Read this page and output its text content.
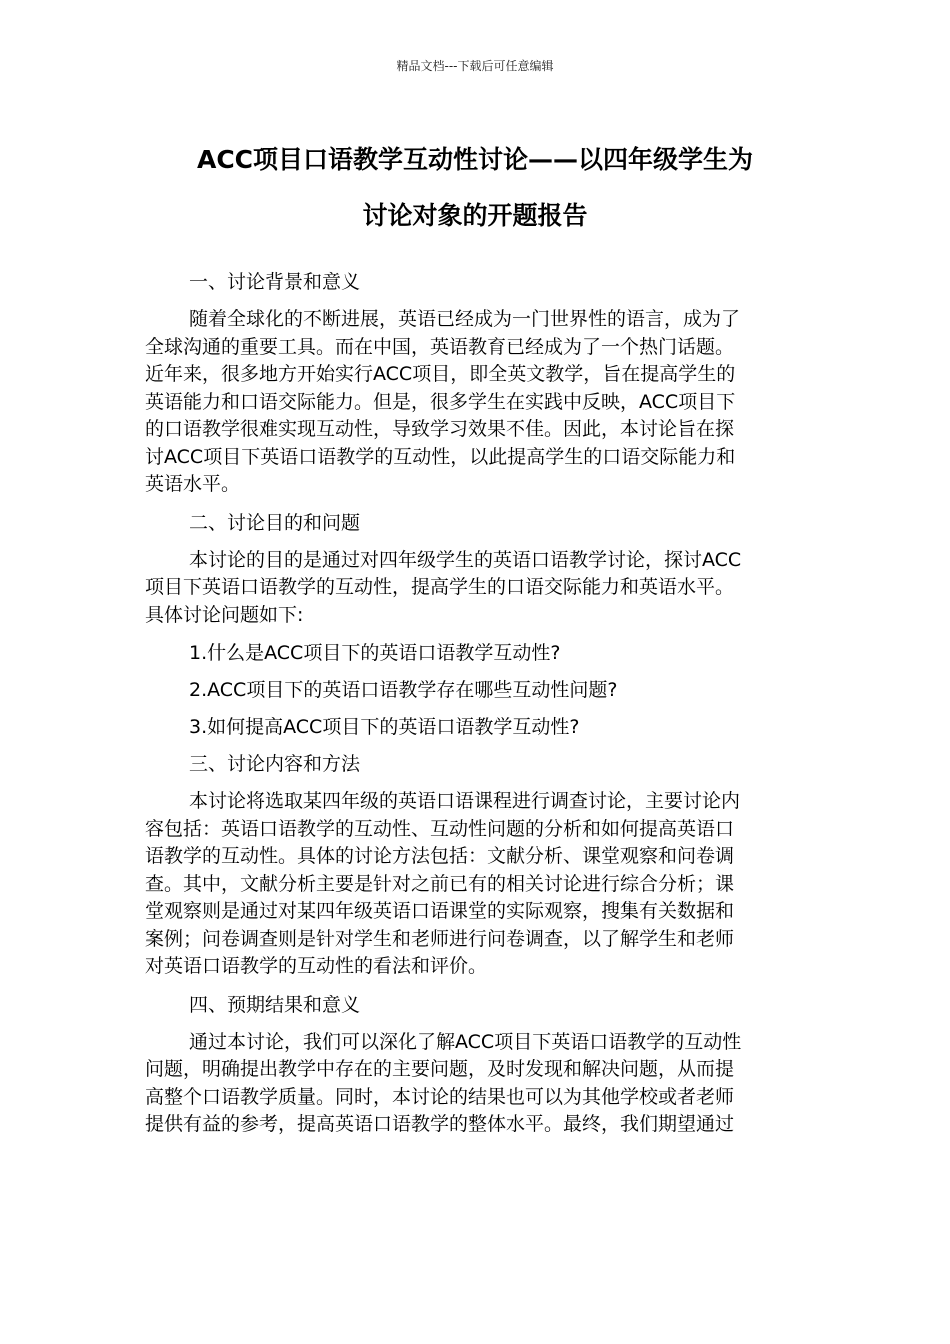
精品文档---下载后可任意编辑
ACC项目口语教学互动性讨论——以四年级学生为
讨论对象的开题报告
一、讨论背景和意义
随着全球化的不断进展，英语已经成为一门世界性的语言，成为了
全球沟通的重要工具。而在中国，英语教育已经成为了一个热门话题。
近年来，很多地方开始实行ACC项目，即全英文教学，旨在提高学生的
英语能力和口语交际能力。但是，很多学生在实践中反映，ACC项目下
的口语教学很难实现互动性，导致学习效果不佳。因此，本讨论旨在探
讨ACC项目下英语口语教学的互动性，以此提高学生的口语交际能力和
英语水平。
二、讨论目的和问题
本讨论的目的是通过对四年级学生的英语口语教学讨论，探讨ACC
项目下英语口语教学的互动性，提高学生的口语交际能力和英语水平。
具体讨论问题如下:
1.什么是ACC项目下的英语口语教学互动性?
2.ACC项目下的英语口语教学存在哪些互动性问题?
3.如何提高ACC项目下的英语口语教学互动性?
三、讨论内容和方法
本讨论将选取某四年级的英语口语课程进行调查讨论，主要讨论内
容包括：英语口语教学的互动性、互动性问题的分析和如何提高英语口
语教学的互动性。具体的讨论方法包括：文献分析、课堂观察和问卷调
查。其中，文献分析主要是针对之前已有的相关讨论进行综合分析；课
堂观察则是通过对某四年级英语口语课堂的实际观察，搜集有关数据和
案例；问卷调查则是针对学生和老师进行问卷调查，以了解学生和老师
对英语口语教学的互动性的看法和评价。
四、预期结果和意义
通过本讨论，我们可以深化了解ACC项目下英语口语教学的互动性
问题，明确提出教学中存在的主要问题，及时发现和解决问题，从而提
高整个口语教学质量。同时，本讨论的结果也可以为其他学校或者老师
提供有益的参考，提高英语口语教学的整体水平。最终，我们期望通过
